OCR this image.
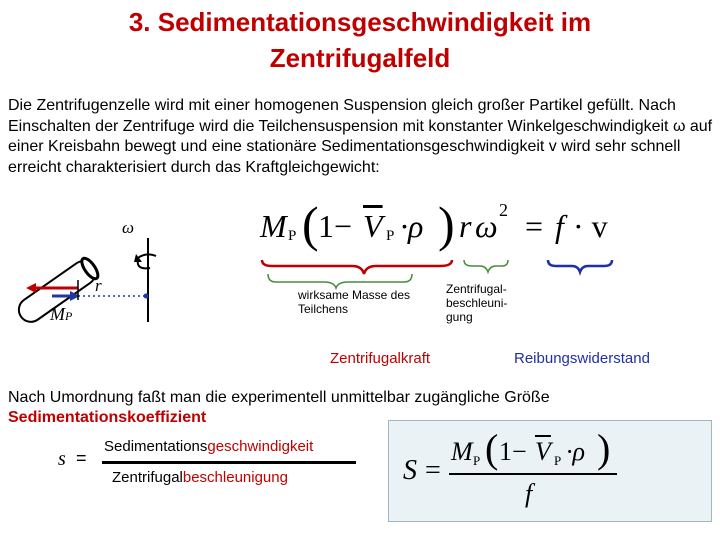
3. Sedimentationsgeschwindigkeit im
Zentrifugalfeld
Die Zentrifugenzelle wird mit einer homogenen Suspension gleich großer Partikel gefüllt. Nach Einschalten der Zentrifuge wird die Teilchensuspension mit konstanter Winkelgeschwindigkeit ω auf einer Kreisbahn bewegt und eine stationäre Sedimentationsgeschwindigkeit v wird sehr schnell erreicht charakterisiert durch das Kraftgleichgewicht:
ω
r
MP
M P ( $1- \overline{V}$ P ·ρ ) r ω 2 = f · v
wirksame Masse des Teilchens
Zentrifugal-
beschleuni-
gung
Zentrifugalkraft	Reibungswiderstand
Nach Umordnung faßt man die experimentell unmittelbar zugängliche Größe
Sedimentationskoeffizient
s =
Sedimentationsgeschwindigkeit
Zentrifugalbeschleunigung	S =
M P ( $1- \overline{V}$ P ·ρ )
f
